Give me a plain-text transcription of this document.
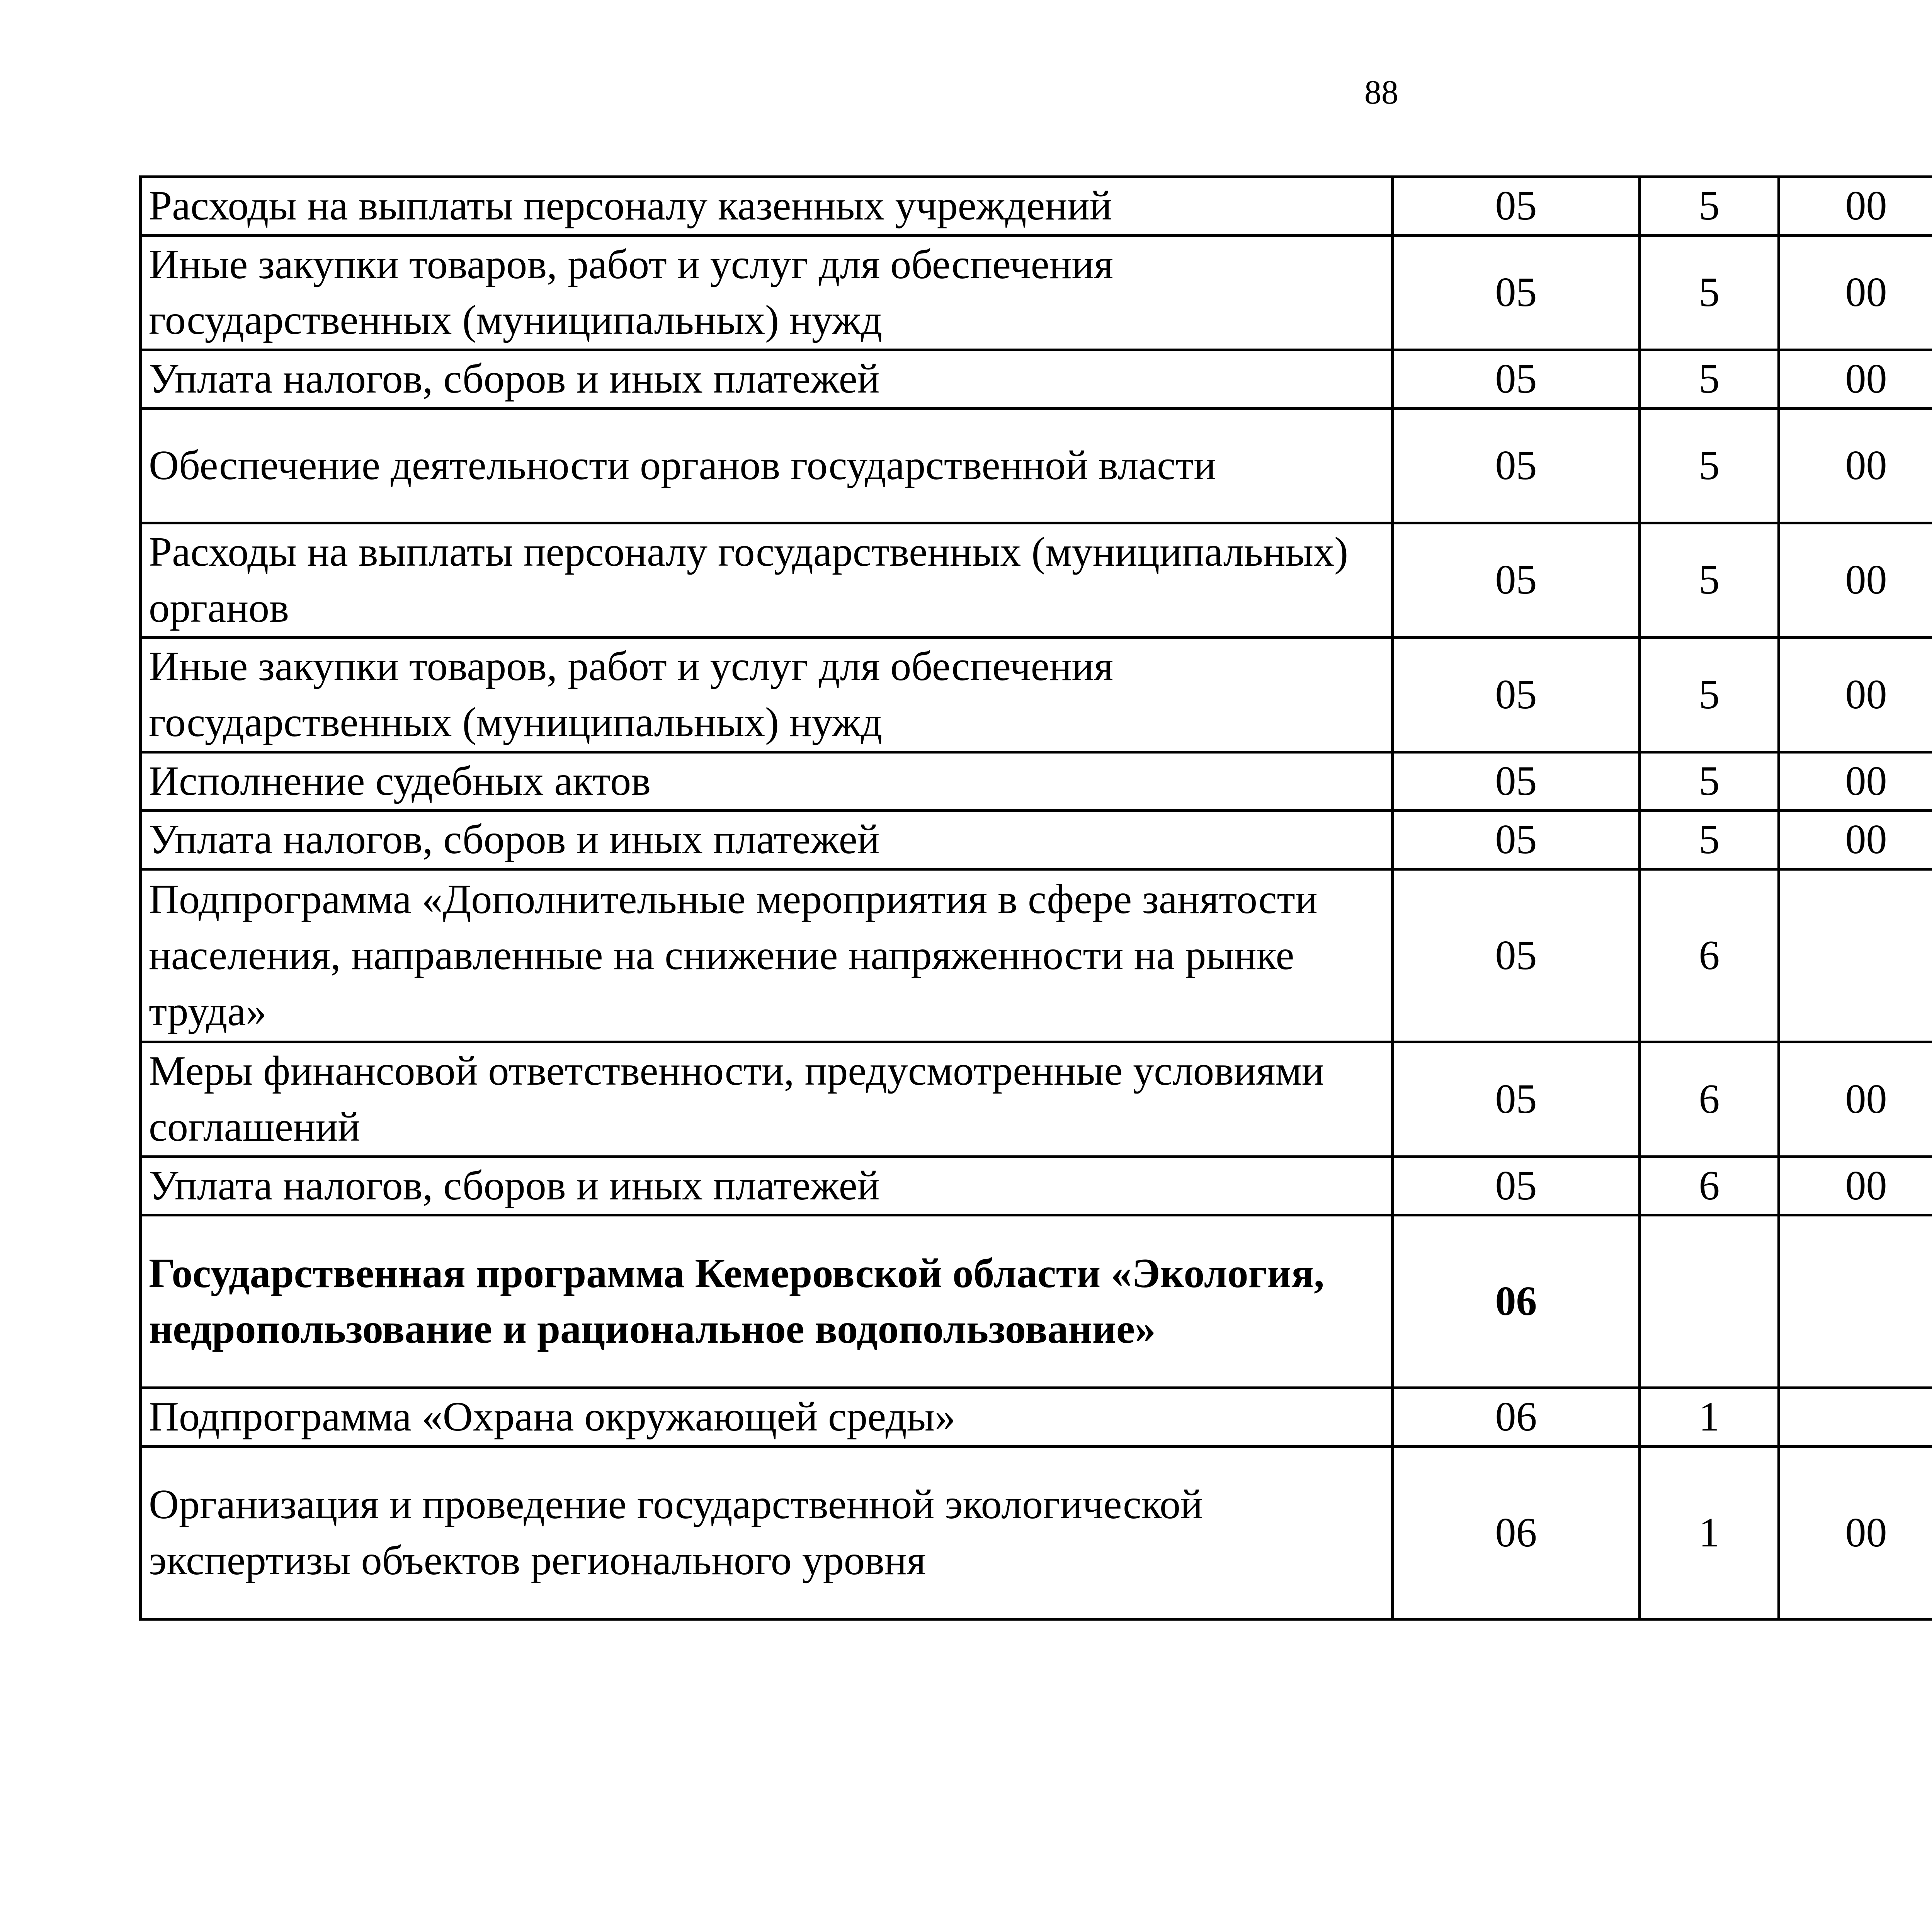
88
Расходы на выплаты персоналу казенных учреждений	05	5	00			
Иные закупки товаров, работ и услуг для обеспечения государственных (муниципальных) нужд	05	5	00			
Уплата налогов, сборов и иных платежей	05	5	00			
Обеспечение деятельности органов государственной власти	05	5	00			
Расходы на выплаты персоналу государственных (муниципальных) органов	05	5	00			
Иные закупки товаров, работ и услуг для обеспечения государственных (муниципальных) нужд	05	5	00			
Исполнение судебных актов	05	5	00			
Уплата налогов, сборов и иных платежей	05	5	00			
Подпрограмма «Дополнительные мероприятия в сфере занятости населения, направленные на снижение напряженности на рынке труда»	05	6				
Меры финансовой ответственности, предусмотренные условиями соглашений	05	6	00			
Уплата налогов, сборов и иных платежей	05	6	00			
Государственная программа Кемеровской области «Экология, недропользование и рациональное водопользование»	06					
Подпрограмма «Охрана окружающей среды»	06	1				
Организация и проведение государственной экологической экспертизы объектов регионального уровня	06	1	00			
